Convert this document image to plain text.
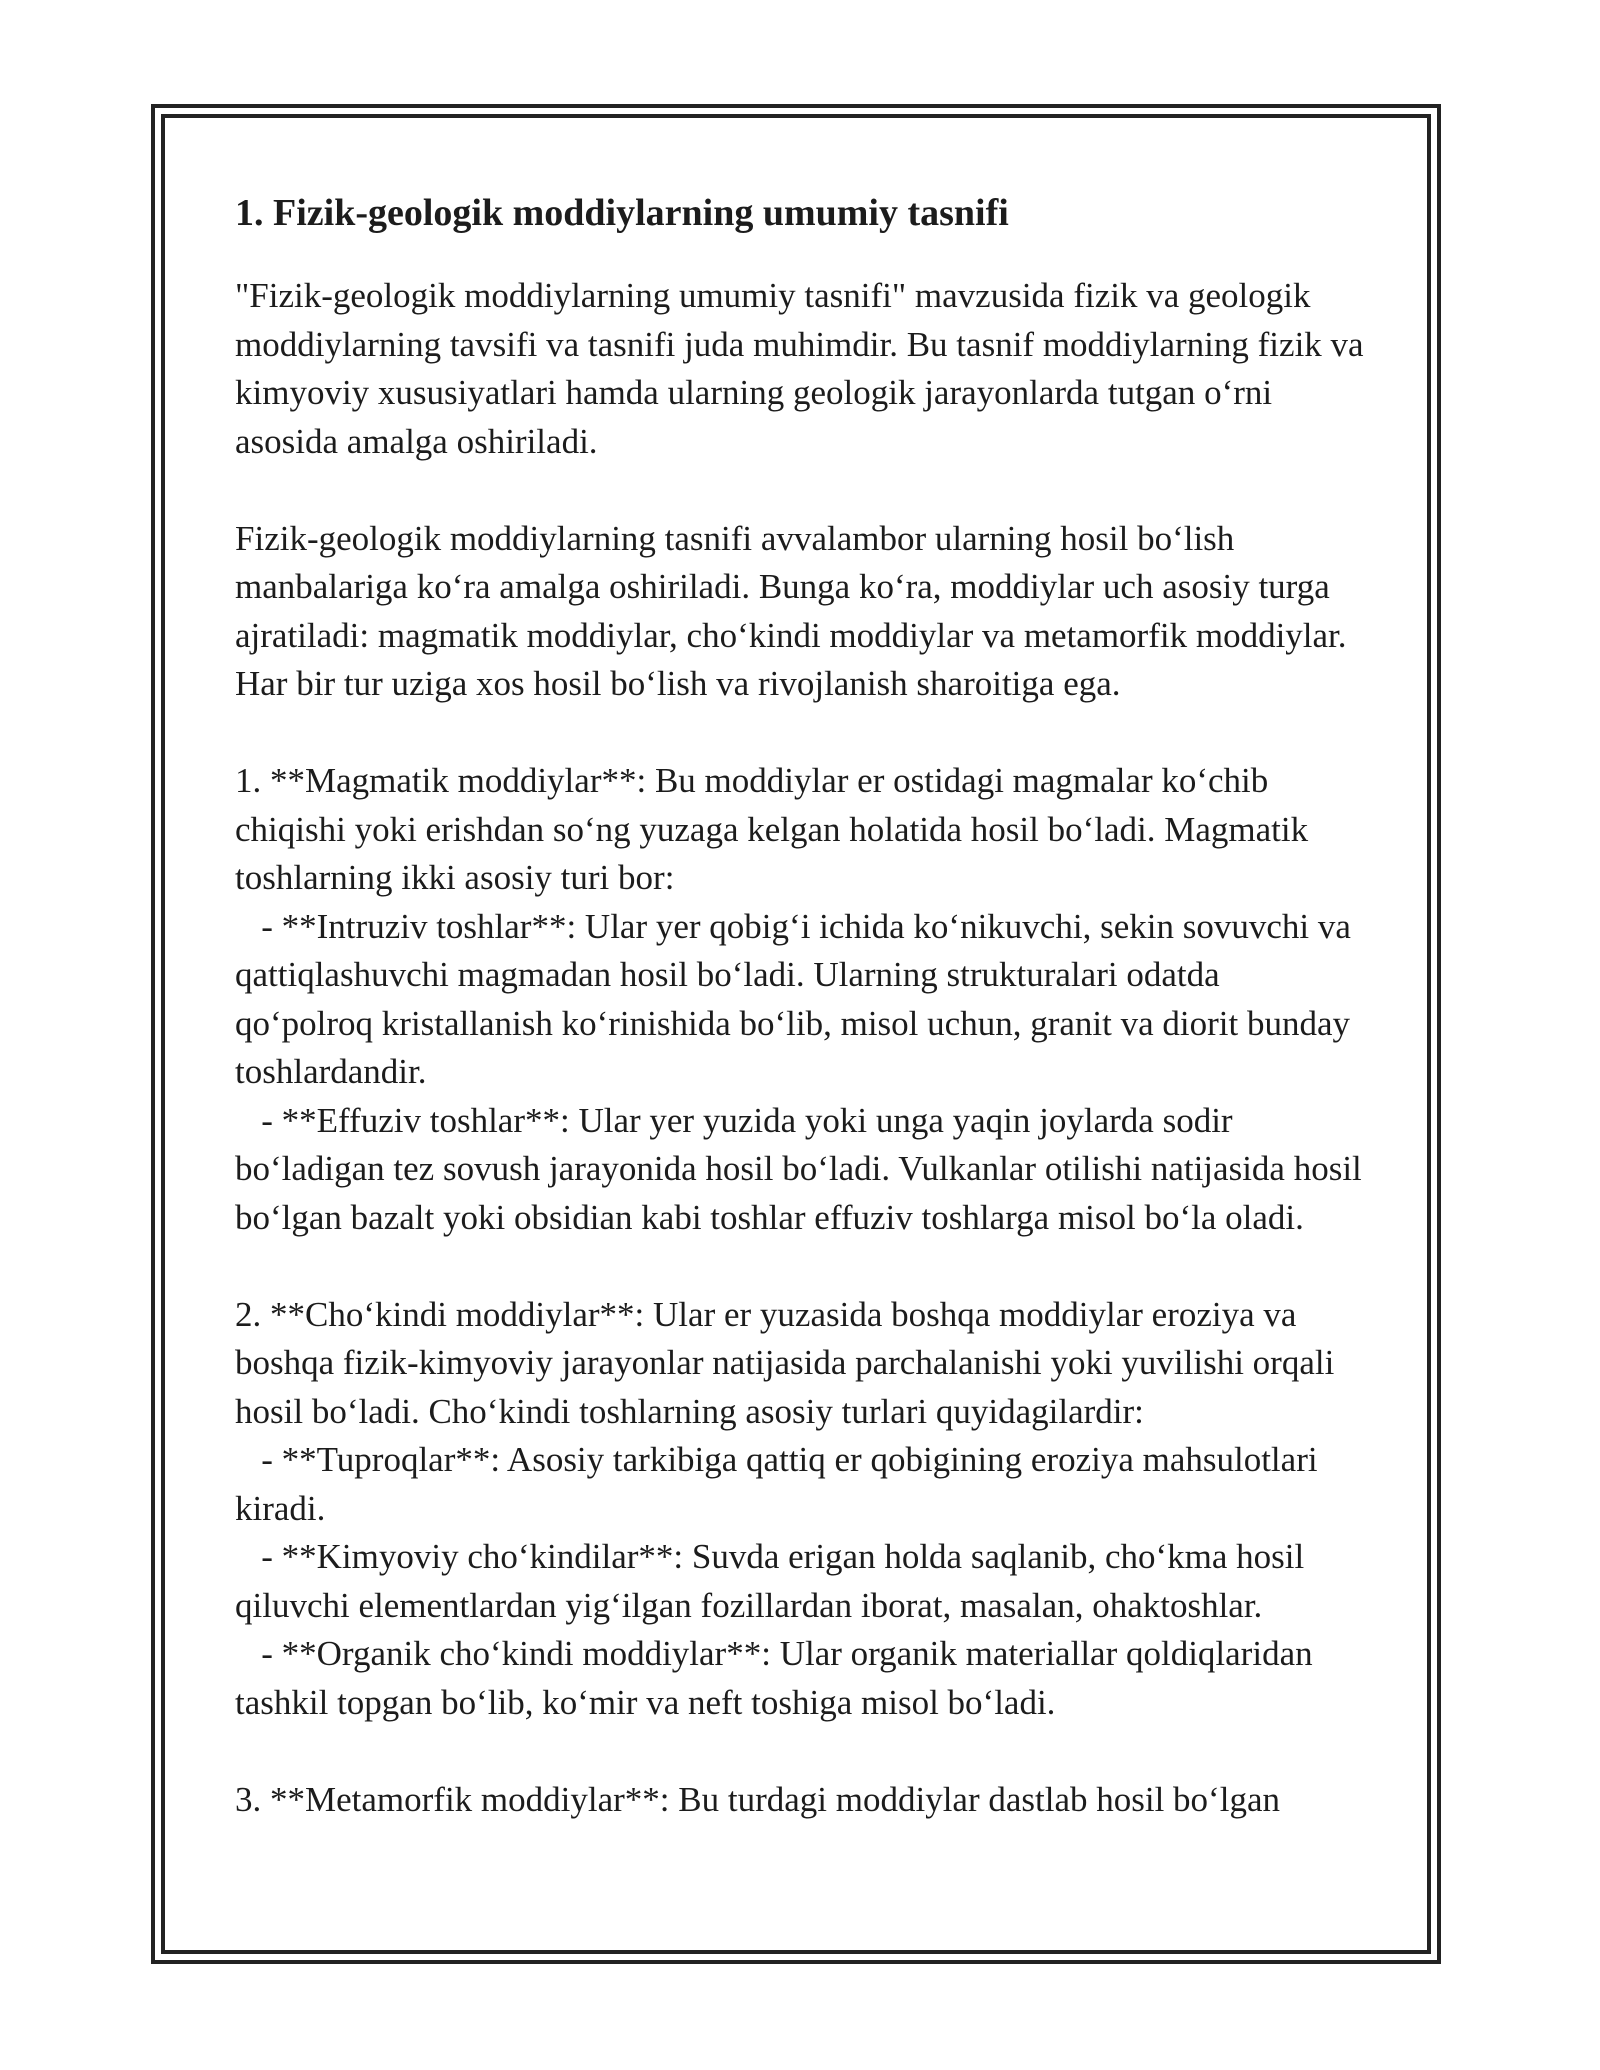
1. Fizik-geologik moddiylarning umumiy tasnifi

"Fizik-geologik moddiylarning umumiy tasnifi" mavzusida fizik va geologik moddiylarning tavsifi va tasnifi juda muhimdir. Bu tasnif moddiylarning fizik va kimyoviy xususiyatlari hamda ularning geologik jarayonlarda tutgan o‘rni asosida amalga oshiriladi.

Fizik-geologik moddiylarning tasnifi avvalambor ularning hosil bo‘lish manbalariga ko‘ra amalga oshiriladi. Bunga ko‘ra, moddiylar uch asosiy turga ajratiladi: magmatik moddiylar, cho‘kindi moddiylar va metamorfik moddiylar. Har bir tur uziga xos hosil bo‘lish va rivojlanish sharoitiga ega.

1. **Magmatik moddiylar**: Bu moddiylar er ostidagi magmalar ko‘chib chiqishi yoki erishdan so‘ng yuzaga kelgan holatida hosil bo‘ladi. Magmatik toshlarning ikki asosiy turi bor:
- **Intruziv toshlar**: Ular yer qobig‘i ichida ko‘nikuvchi, sekin sovuvchi va qattiqlashuvchi magmadan hosil bo‘ladi. Ularning strukturalari odatda qo‘polroq kristallanish ko‘rinishida bo‘lib, misol uchun, granit va diorit bunday toshlardandir.
- **Effuziv toshlar**: Ular yer yuzida yoki unga yaqin joylarda sodir bo‘ladigan tez sovush jarayonida hosil bo‘ladi. Vulkanlar otilishi natijasida hosil bo‘lgan bazalt yoki obsidian kabi toshlar effuziv toshlarga misol bo‘la oladi.

2. **Cho‘kindi moddiylar**: Ular er yuzasida boshqa moddiylar eroziya va boshqa fizik-kimyoviy jarayonlar natijasida parchalanishi yoki yuvilishi orqali hosil bo‘ladi. Cho‘kindi toshlarning asosiy turlari quyidagilardir:
- **Tuproqlar**: Asosiy tarkibiga qattiq er qobigining eroziya mahsulotlari kiradi.
- **Kimyoviy cho‘kindilar**: Suvda erigan holda saqlanib, cho‘kma hosil qiluvchi elementlardan yig‘ilgan fozillardan iborat, masalan, ohaktoshlar.
- **Organik cho‘kindi moddiylar**: Ular organik materiallar qoldiqlaridan tashkil topgan bo‘lib, ko‘mir va neft toshiga misol bo‘ladi.

3. **Metamorfik moddiylar**: Bu turdagi moddiylar dastlab hosil bo‘lgan
